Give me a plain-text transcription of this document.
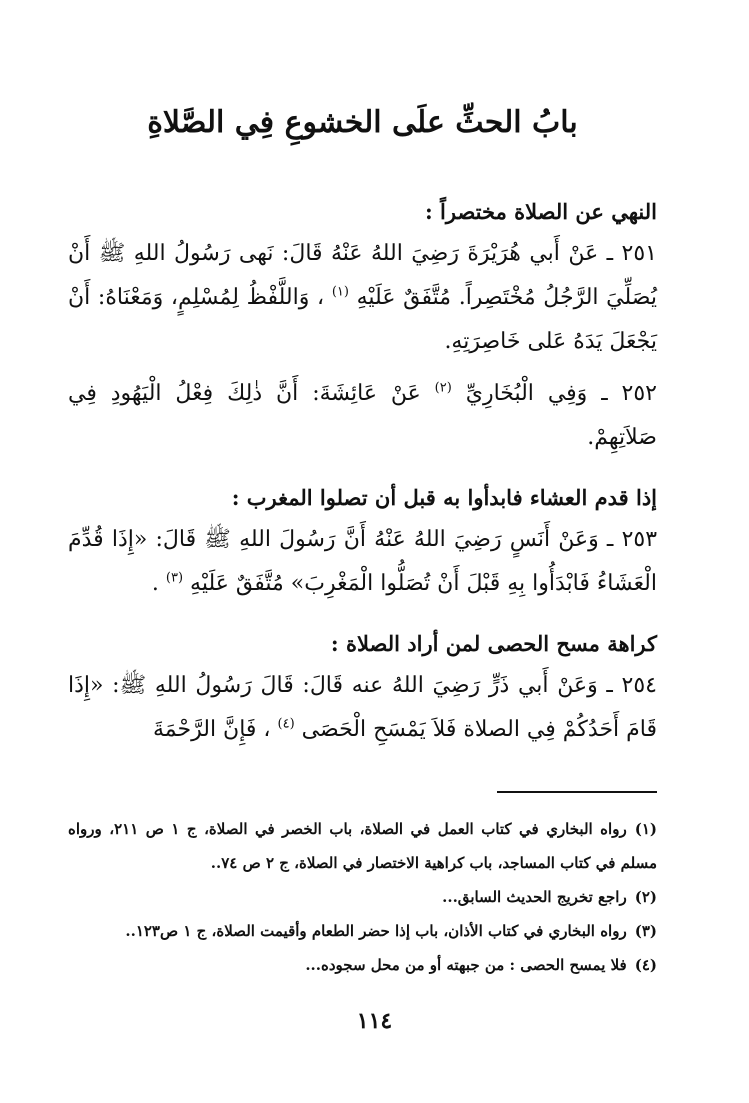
بابُ الحثِّ علَى الخشوعِ فِي الصَّلاةِ
النهي عن الصلاة مختصراً :

٢٥١ ـ عَنْ أَبي هُرَيْرَةَ رَضِيَ اللهُ عَنْهُ قَالَ: نَهى رَسُولُ اللهِ ﷺ أَنْ يُصَلِّيَ الرَّجُلُ مُخْتَصِراً. مُتَّفَقٌ عَلَيْهِ $^{(١)}$ ، وَاللَّفْظُ لِمُسْلِمٍ، وَمَعْنَاهُ: أَنْ يَجْعَلَ يَدَهُ عَلى خَاصِرَتِهِ.

٢٥٢ ـ وَفِي الْبُخَارِيِّ $^{(٢)}$ عَنْ عَائِشَةَ: أَنَّ ذٰلِكَ فِعْلُ الْيَهُودِ فِي صَلاَتِهِمْ.

إذا قدم العشاء فابدأوا به قبل أن تصلوا المغرب :

٢٥٣ ـ وَعَنْ أَنَسٍ رَضِيَ اللهُ عَنْهُ أَنَّ رَسُولَ اللهِ ﷺ قَالَ: «إِذَا قُدِّمَ الْعَشَاءُ فَابْدَأُوا بِهِ قَبْلَ أَنْ تُصَلُّوا الْمَغْرِبَ» مُتَّفَقٌ عَلَيْهِ $^{(٣)}$ .

كراهة مسح الحصى لمن أراد الصلاة :

٢٥٤ ـ وَعَنْ أَبي ذَرٍّ رَضِيَ اللهُ عنه قَالَ: قَالَ رَسُولُ اللهِ ﷺ: «إِذَا قَامَ أَحَدُكُمْ فِي الصلاة فَلاَ يَمْسَحِ الْحَصَى $^{(٤)}$ ، فَإِنَّ الرَّحْمَةَ

(١)رواه البخاري في كتاب العمل في الصلاة، باب الخصر في الصلاة، ج ١ ص ٢١١، ورواه مسلم في كتاب المساجد، باب كراهية الاختصار في الصلاة، ج ٢ ص ٧٤..
(٢)راجع تخريج الحديث السابق...
(٣)رواه البخاري في كتاب الأذان، باب إذا حضر الطعام وأقيمت الصلاة، ج ١ ص١٢٣..
(٤)فلا يمسح الحصى : من جبهته أو من محل سجوده...

١١٤
